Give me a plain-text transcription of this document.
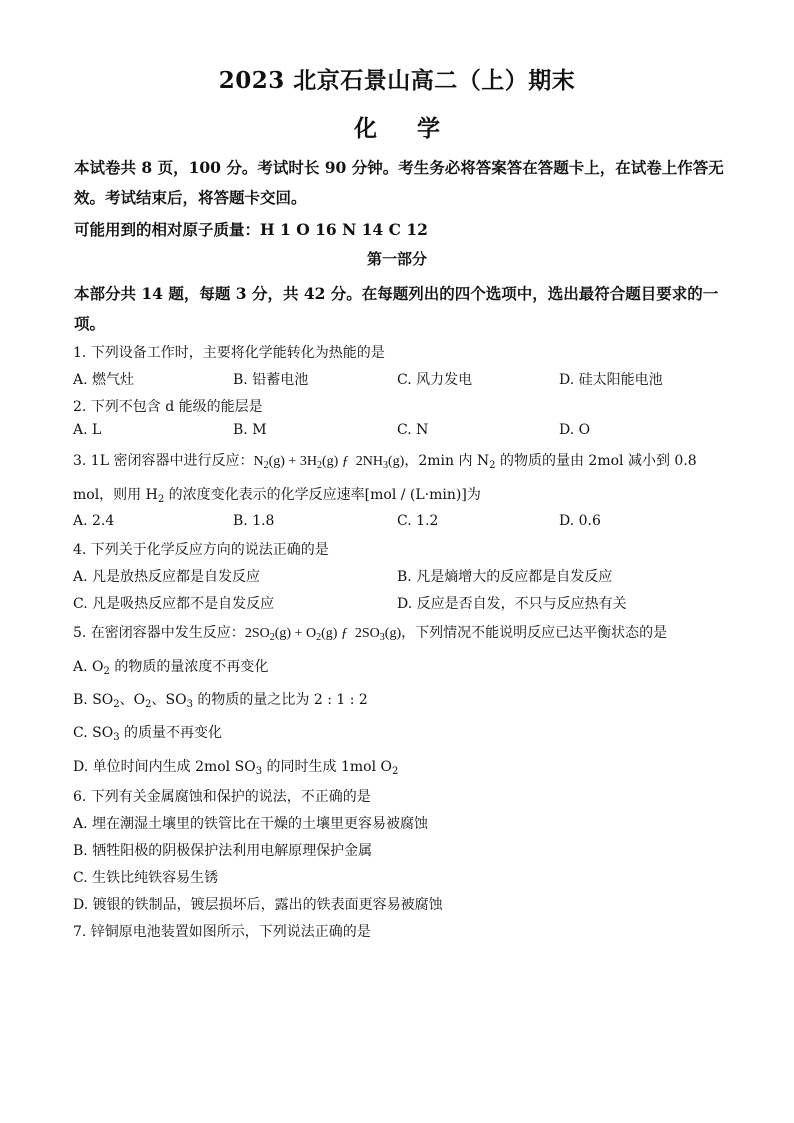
2023 北京石景山高二（上）期末
化学
本试卷共 8 页，100 分。考试时长 90 分钟。考生务必将答案答在答题卡上，在试卷上作答无
效。考试结束后，将答题卡交回。
可能用到的相对原子质量：H 1 O 16 N 14 C 12
第一部分
本部分共 14 题，每题 3 分，共 42 分。在每题列出的四个选项中，选出最符合题目要求的一
项。
1. 下列设备工作时，主要将化学能转化为热能的是
A. 燃气灶	B. 铅蓄电池	C. 风力发电	D. 硅太阳能电池
2. 下列不包含 d 能级的能层是
A. L	B. M	C. N	D. O
3. 1L 密闭容器中进行反应：$N_2(g) + 3H_2(g)$ ƒ $2NH_3(g)$，2min 内 $N_2$ 的物质的量由 2mol 减小到 0.8
mol，则用 $H_2$ 的浓度变化表示的化学反应速率[mol / (L·min)]为
A. 2.4	B. 1.8	C. 1.2	D. 0.6
4. 下列关于化学反应方向的说法正确的是
A. 凡是放热反应都是自发反应	B. 凡是熵增大的反应都是自发反应
C. 凡是吸热反应都不是自发反应	D. 反应是否自发，不只与反应热有关
5. 在密闭容器中发生反应：$2SO_2(g) + O_2(g)$ ƒ $2SO_3(g)$，下列情况不能说明反应已达平衡状态的是
A. $O_2$ 的物质的量浓度不再变化
B. $SO_2$、$O_2$、$SO_3$ 的物质的量之比为 2 : 1 : 2
C. $SO_3$ 的质量不再变化
D. 单位时间内生成 2mol $SO_3$ 的同时生成 1mol $O_2$
6. 下列有关金属腐蚀和保护的说法，不正确的是
A. 埋在潮湿土壤里的铁管比在干燥的土壤里更容易被腐蚀
B. 牺牲阳极的阴极保护法利用电解原理保护金属
C. 生铁比纯铁容易生锈
D. 镀银的铁制品，镀层损坏后，露出的铁表面更容易被腐蚀
7. 锌铜原电池装置如图所示，下列说法正确的是
